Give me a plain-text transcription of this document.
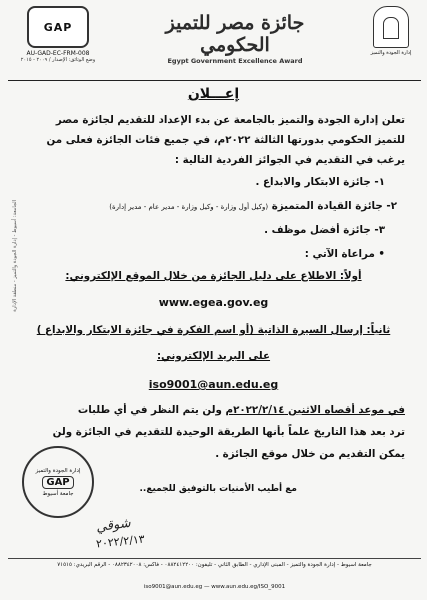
GAP
AU-GAD-EC-FRM-008
وضع الوثائق: الإصدار / ٢٠٠٩ - ٢٠١٥
جائزة مصر للتميز الحكومي
Egypt Government Excellence Award
إدارة الجودة والتميز
إعـــلان
تعلن إدارة الجودة والتميز بالجامعة عن بدء الإعداد للتقديم لجائزة مصر
للتميز الحكومي بدورتها الثالثة ٢٠٢٢م، في جميع فئات الجائزة فعلى من
يرغب في التقديم في الجوائز الفردية التالية :
١- جائزة الابتكار والابداع .
٢- جائزة القيادة المتميزة (وكيل أول وزارة - وكيل وزارة - مدير عام - مدير إدارة)
٣- جائزة أفضل موظف .
• مراعاة الآتي :
أولاً: الاطلاع على دليل الجائزة من خلال الموقع الإلكتروني:
www.egea.gov.eg
ثانياً: إرسال السيرة الذاتية (أو اسم الفكرة في جائزة الابتكار والابداع )
على البريد الإلكتروني:
iso9001@aun.edu.eg
في موعد أقصاه الاثنين ٢٠٢٢/٢/١٤م ولن يتم النظر في أي طلبات
ترد بعد هذا التاريخ علماً بأنها الطريقة الوحيدة للتقديم في الجائزة ولن
يمكن التقديم من خلال موقع الجائزة .
مع أطيب الأمنيات بالتوفيق للجميع..
الجامعة: أسيوط - إدارة الجودة والتميز - منطقة الإدارة
إدارة الجودة والتميز
GAP
جامعة أسيوط
شوقي
٢٠٢٢/٢/١٣
جامعة أسيوط - إدارة الجودة والتميز - المبنى الإداري - الطابق الثاني - تليفون: ٠٨٨٢٤١٢٢٠٠ - فاكس: ٠٨٨٢٣٤٢٠٠٨ - الرقم البريدي: ٧١٥١٥
iso9001@aun.edu.eg — www.aun.edu.eg/ISO_9001
